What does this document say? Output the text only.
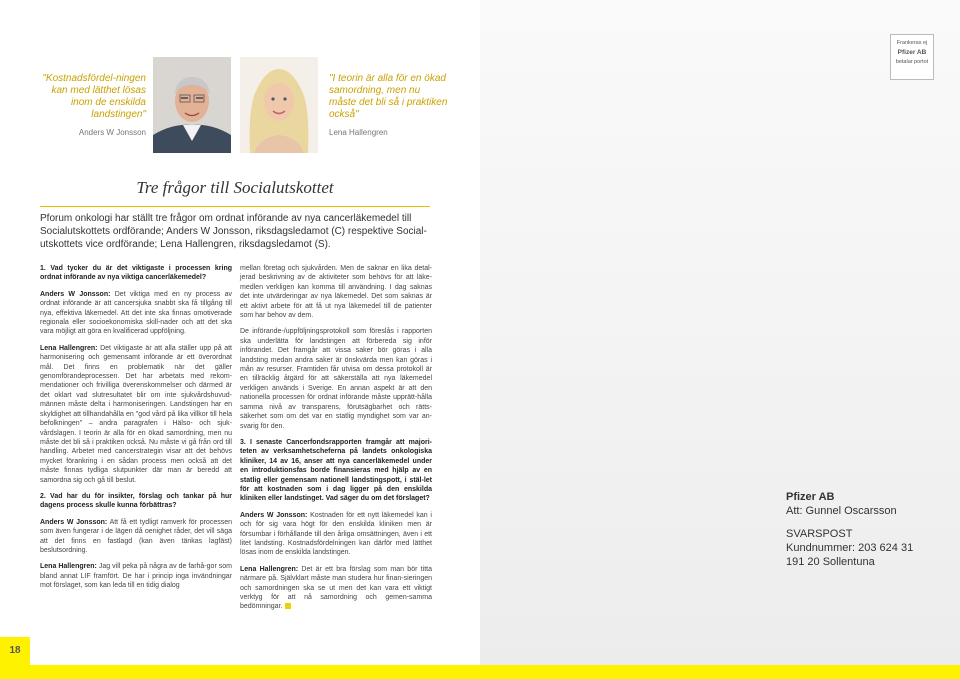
"Kostnadsfördel-ningen kan med lätthet lösas inom de enskilda landstingen"
Anders W Jonsson
"I teorin är alla för en ökad samordning, men nu måste det bli så i praktiken också"
Lena Hallengren
Tre frågor till Socialutskottet
Pforum onkologi har ställt tre frågor om ordnat införande av nya cancerläkemedel till Socialutskottets ordförande; Anders W Jonsson, riksdagsledamot (C) respektive Social-utskottets vice ordförande; Lena Hallengren, riksdagsledamot (S).

1. Vad tycker du är det viktigaste i processen kring ordnat införande av nya viktiga cancerläkemedel?

Anders W Jonsson: Det viktiga med en ny process av ordnat införande är att cancersjuka snabbt ska få tillgång till nya, effektiva läkemedel. Att det inte ska finnas omotiverade regionala eller socioekonomiska skill-nader och att det ska vara möjligt att göra en kvalificerad uppföljning.

Lena Hallengren: Det viktigaste är att alla ställer upp på att harmonisering och gemensamt införande är ett överordnat mål. Det finns en problematik när det gäller genomförandeprocessen. Det har arbetats med rekom-mendationer och frivilliga överenskommelser och därmed är det oklart vad slutresultatet blir om inte sjukvårdshuvud-männen måste delta i harmoniseringen. Landstingen har en skyldighet att tillhandahålla en "god vård på lika villkor till hela befolkningen" – andra paragrafen i Hälso- och sjuk-vårdslagen. I teorin är alla för en ökad samordning, men nu måste det bli så i praktiken också. Nu måste vi gå från ord till handling. Arbetet med cancerstrategin visar att det behövs mycket förankring i en sådan process men också att det måste finnas tydliga slutpunkter där man är beredd att samordna sig och gå till beslut.

2. Vad har du för insikter, förslag och tankar på hur dagens process skulle kunna förbättras?

Anders W Jonsson: Att få ett tydligt ramverk för processen som även fungerar i de lägen då oenighet råder, det vill säga att det finns en fastlagd (kan även tänkas lagfäst) beslutsordning.

Lena Hallengren: Jag vill peka på några av de farhå-gor som bland annat LIF framfört. De har i princip inga invändningar mot förslaget, som kan leda till en tidig dialog

mellan företag och sjukvården. Men de saknar en lika detal-jerad beskrivning av de aktiviteter som behövs för att läke-medlen verkligen kan komma till användning. I dag saknas det inte utvärderingar av nya läkemedel. Det som saknas är ett aktivt arbete för att få ut nya läkemedel till de patienter som har behov av dem.

De införande-/uppföljningsprotokoll som föreslås i rapporten ska underlätta för landstingen att förbereda sig inför införandet. Det framgår att vissa saker bör göras i alla landsting medan andra saker är önskvärda men kan göras i mån av resurser. Framtiden får utvisa om dessa protokoll är en tillräcklig åtgärd för att säkerställa att nya läkemedel verkligen används i Sverige. En annan aspekt är att den nationella processen för ordnat införande måste upprätt-hålla samma nivå av transparens, förutsägbarhet och rätts-säkerhet som om det var en statlig myndighet som var an-svarig för den.

3. I senaste Cancerfondsrapporten framgår att majori-teten av verksamhetscheferna på landets onkologiska kliniker, 14 av 16, anser att nya cancerläkemedel under en introduktionsfas borde finansieras med hjälp av en statlig eller gemensam nationell landstingspott, i stäl-let för att kostnaden som i dag ligger på den enskilda kliniken eller landstinget. Vad säger du om det förslaget?

Anders W Jonsson: Kostnaden för ett nytt läkemedel kan i och för sig vara högt för den enskilda kliniken men är försumbar i förhållande till den årliga omsättningen, även i ett litet landsting. Kostnadsfördelningen kan därför med lätthet lösas inom de enskilda landstingen.

Lena Hallengren: Det är ett bra förslag som man bör titta närmare på. Självklart måste man studera hur finan-sieringen och samordningen ska se ut men det kan vara ett viktigt verktyg för att nå samordning och gemen-samma bedömningar.

18
Frankeras ej
Pfizer AB
betalar portot
Pfizer AB
Att: Gunnel Oscarsson
SVARSPOST
Kundnummer: 203 624 31
191 20 Sollentuna
